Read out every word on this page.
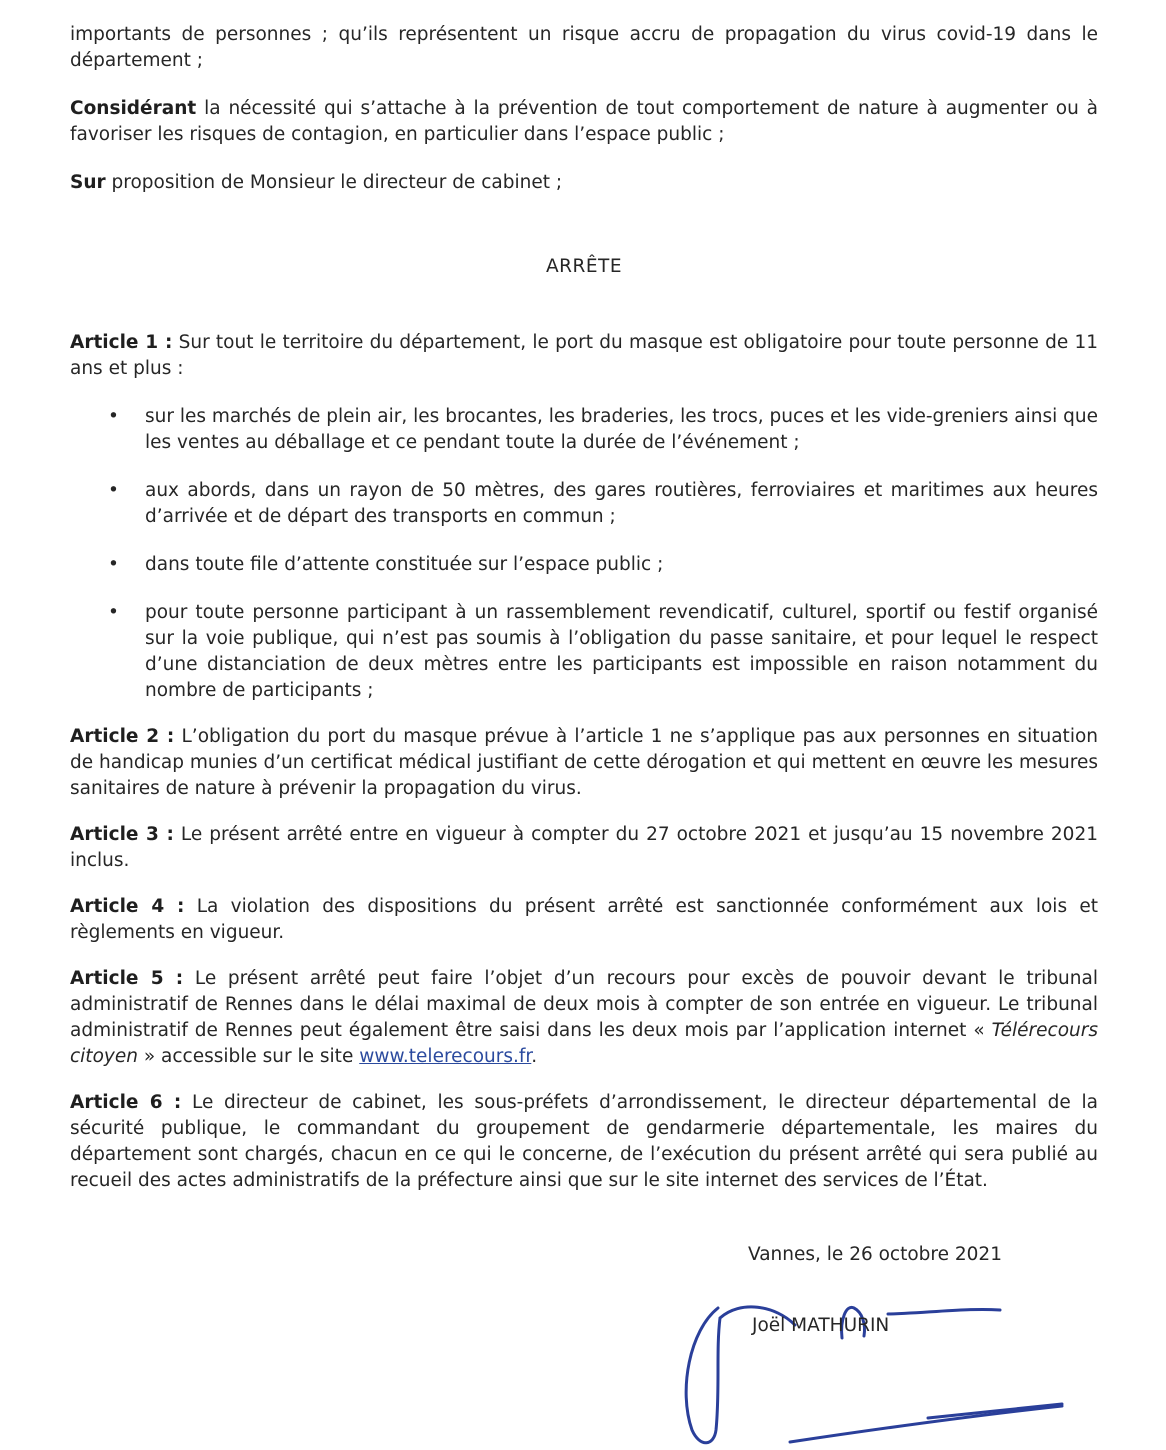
importants de personnes ; qu’ils représentent un risque accru de propagation du virus covid-19 dans le département ;

Considérant la nécessité qui s’attache à la prévention de tout comportement de nature à augmenter ou à favoriser les risques de contagion, en particulier dans l’espace public ;

Sur proposition de Monsieur le directeur de cabinet ;

ARRÊTE

Article 1 : Sur tout le territoire du département, le port du masque est obligatoire pour toute personne de 11 ans et plus :

• sur les marchés de plein air, les brocantes, les braderies, les trocs, puces et les vide-greniers ainsi que les ventes au déballage et ce pendant toute la durée de l’événement ;
• aux abords, dans un rayon de 50 mètres, des gares routières, ferroviaires et maritimes aux heures d’arrivée et de départ des transports en commun ;
• dans toute file d’attente constituée sur l’espace public ;
• pour toute personne participant à un rassemblement revendicatif, culturel, sportif ou festif organisé sur la voie publique, qui n’est pas soumis à l’obligation du passe sanitaire, et pour lequel le respect d’une distanciation de deux mètres entre les participants est impossible en raison notamment du nombre de participants ;

Article 2 : L’obligation du port du masque prévue à l’article 1 ne s’applique pas aux personnes en situation de handicap munies d’un certificat médical justifiant de cette dérogation et qui mettent en œuvre les mesures sanitaires de nature à prévenir la propagation du virus.

Article 3 : Le présent arrêté entre en vigueur à compter du 27 octobre 2021 et jusqu’au 15 novembre 2021 inclus.

Article 4 : La violation des dispositions du présent arrêté est sanctionnée conformément aux lois et règlements en vigueur.

Article 5 : Le présent arrêté peut faire l’objet d’un recours pour excès de pouvoir devant le tribunal administratif de Rennes dans le délai maximal de deux mois à compter de son entrée en vigueur. Le tribunal administratif de Rennes peut également être saisi dans les deux mois par l’application internet « Télérecours citoyen » accessible sur le site www.telerecours.fr.

Article 6 : Le directeur de cabinet, les sous-préfets d’arrondissement, le directeur départemental de la sécurité publique, le commandant du groupement de gendarmerie départementale, les maires du département sont chargés, chacun en ce qui le concerne, de l’exécution du présent arrêté qui sera publié au recueil des actes administratifs de la préfecture ainsi que sur le site internet des services de l’État.

Vannes, le 26 octobre 2021
Joël MATHURIN
